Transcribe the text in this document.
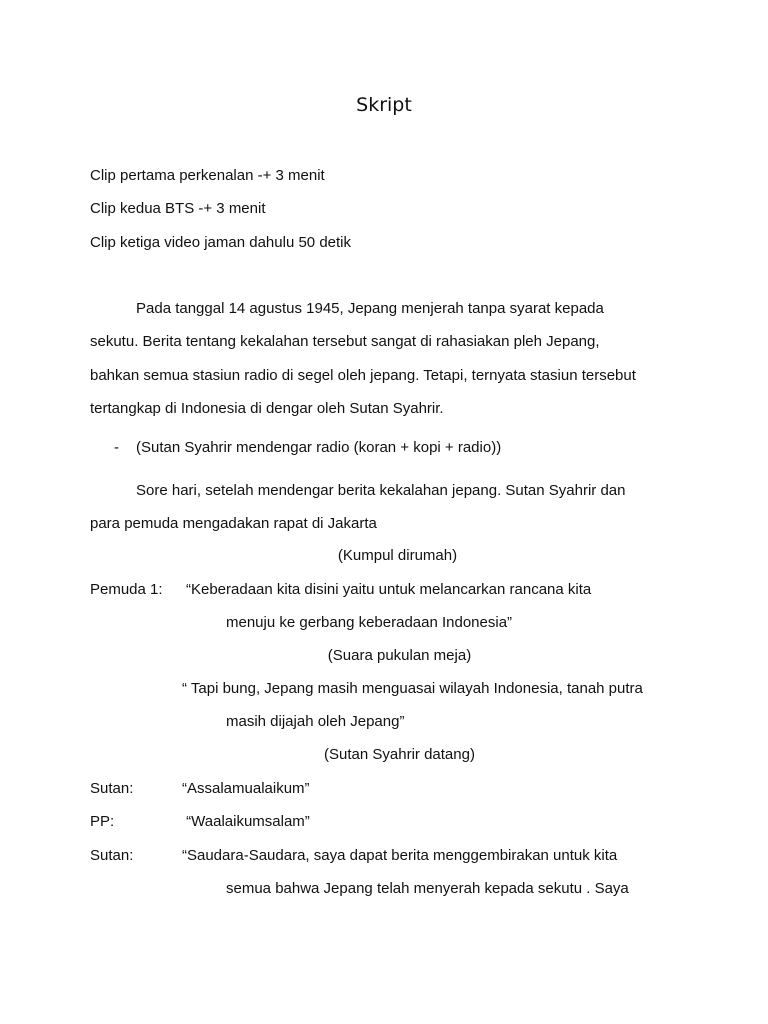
Skript
Clip pertama perkenalan -+ 3 menit
Clip kedua BTS -+ 3 menit
Clip ketiga video jaman dahulu 50 detik
Pada tanggal 14 agustus 1945, Jepang menjerah tanpa syarat kepada
sekutu. Berita tentang kekalahan tersebut sangat di rahasiakan pleh Jepang,
bahkan semua stasiun radio di segel oleh jepang. Tetapi, ternyata stasiun tersebut
tertangkap di Indonesia di dengar oleh Sutan Syahrir.
- (Sutan Syahrir mendengar radio (koran + kopi + radio))
Sore hari, setelah mendengar berita kekalahan jepang. Sutan Syahrir dan
para pemuda mengadakan rapat di Jakarta
(Kumpul dirumah)
Pemuda 1: “Keberadaan kita disini yaitu untuk melancarkan rancana kita
menuju ke gerbang keberadaan Indonesia”
(Suara pukulan meja)
“ Tapi bung, Jepang masih menguasai wilayah Indonesia, tanah putra
masih dijajah oleh Jepang”
(Sutan Syahrir datang)
Sutan:	“Assalamualaikum”
PP:	“Waalaikumsalam”
Sutan:	“Saudara-Saudara, saya dapat berita menggembirakan untuk kita
semua bahwa Jepang telah menyerah kepada sekutu . Saya
